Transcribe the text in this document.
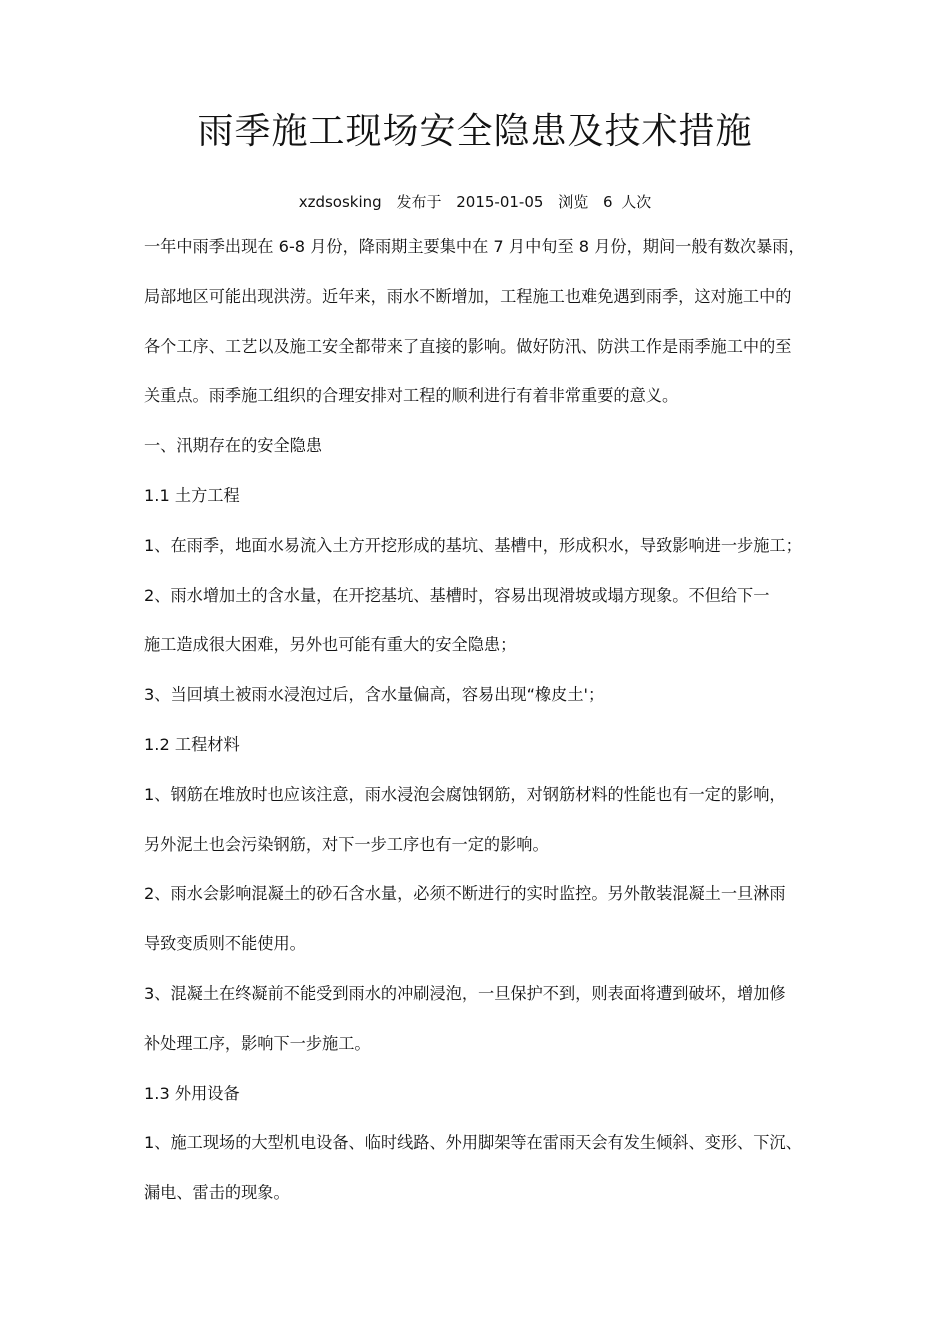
雨季施工现场安全隐患及技术措施
xzdsosking 发布于 2015-01-05 浏览 6 人次

一年中雨季出现在 6-8 月份，降雨期主要集中在 7 月中旬至 8 月份，期间一般有数次暴雨，

局部地区可能出现洪涝。近年来，雨水不断增加，工程施工也难免遇到雨季，这对施工中的

各个工序、工艺以及施工安全都带来了直接的影响。做好防汛、防洪工作是雨季施工中的至

关重点。雨季施工组织的合理安排对工程的顺利进行有着非常重要的意义。

一、汛期存在的安全隐患

1.1 土方工程

1、在雨季，地面水易流入土方开挖形成的基坑、基槽中，形成积水，导致影响进一步施工；

2、雨水增加土的含水量，在开挖基坑、基槽时，容易出现滑坡或塌方现象。不但给下一

施工造成很大困难，另外也可能有重大的安全隐患；

3、当回填土被雨水浸泡过后，含水量偏高，容易出现“橡皮土'；

1.2 工程材料

1、钢筋在堆放时也应该注意，雨水浸泡会腐蚀钢筋，对钢筋材料的性能也有一定的影响，

另外泥土也会污染钢筋，对下一步工序也有一定的影响。

2、雨水会影响混凝土的砂石含水量，必须不断进行的实时监控。另外散装混凝土一旦淋雨

导致变质则不能使用。

3、混凝土在终凝前不能受到雨水的冲刷浸泡，一旦保护不到，则表面将遭到破坏，增加修

补处理工序，影响下一步施工。

1.3 外用设备

1、施工现场的大型机电设备、临时线路、外用脚架等在雷雨天会有发生倾斜、变形、下沉、

漏电、雷击的现象。
